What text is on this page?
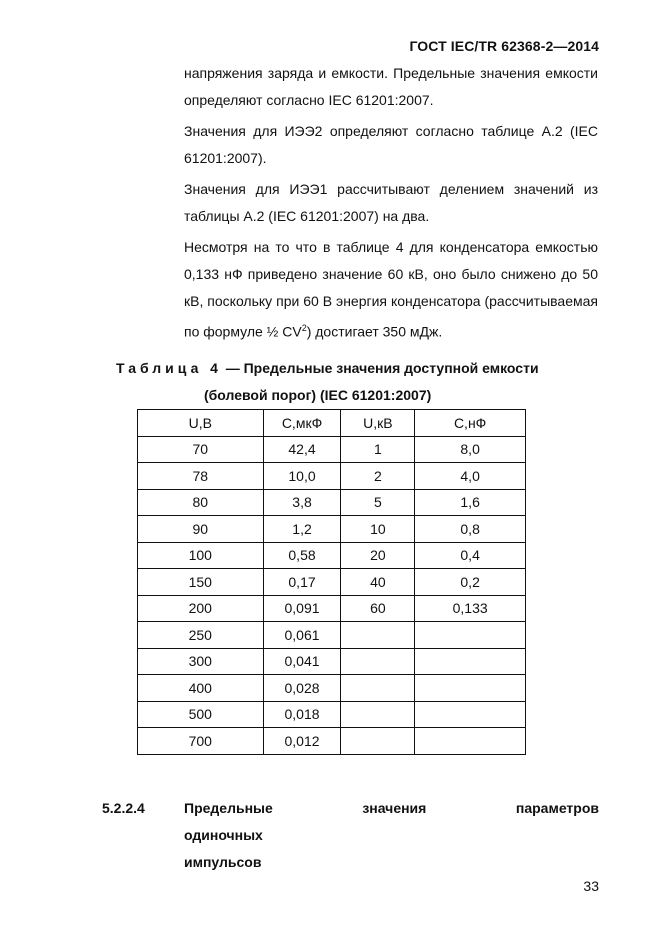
ГОСТ IEC/TR 62368-2—2014

напряжения заряда и емкости. Предельные значения емкости определяют согласно IEC 61201:2007.

Значения для ИЭЭ2 определяют согласно таблице А.2 (IEC 61201:2007).

Значения для ИЭЭ1 рассчитывают делением значений из таблицы А.2 (IEC 61201:2007) на два.

Несмотря на то что в таблице 4 для конденсатора емкостью 0,133 нФ приведено значение 60 кВ, оно было снижено до 50 кВ, поскольку при 60 В энергия конденсатора (рассчитываемая по формуле ½ $CV^2$) достигает 350 мДж.

Таблица 4 — Предельные значения доступной емкости
(болевой порог) (IEC 61201:2007)
U,В	С,мкФ	U,кВ	С,нФ
70	42,4	1	8,0
78	10,0	2	4,0
80	3,8	5	1,6
90	1,2	10	0,8
100	0,58	20	0,4
150	0,17	40	0,2
200	0,091	60	0,133
250	0,061		
300	0,041		
400	0,028		
500	0,018		
700	0,012		
5.2.2.4	Предельные значения параметров одиночных
импульсов
33
